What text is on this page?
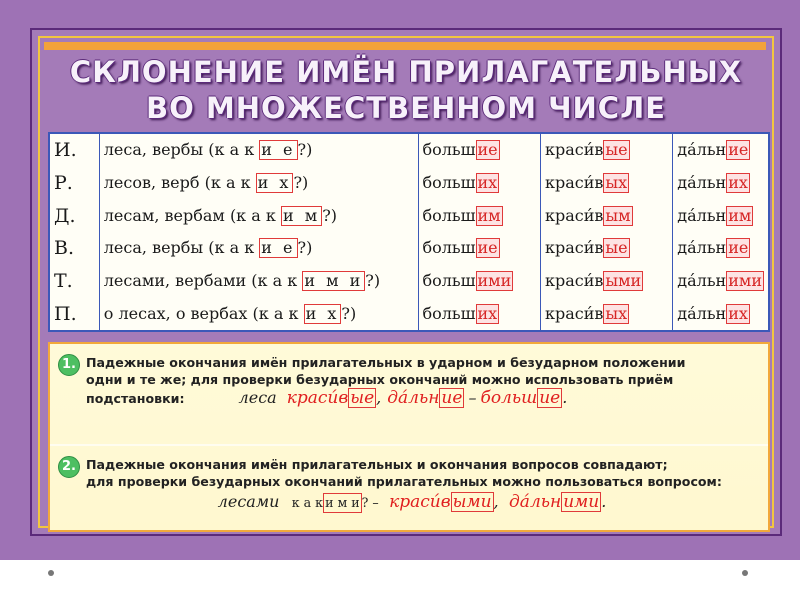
СКЛОНЕНИЕ ИМЁН ПРИЛАГАТЕЛЬНЫХ
ВО МНОЖЕСТВЕННОМ ЧИСЛЕ
И.	леса, вербы (к а к и е ?)	больш ие	краси́в ые	да́льн ие
Р.	лесов, верб (к а к и х ?)	больш их	краси́в ых	да́льн их
Д.	лесам, вербам (к а к и м ?)	больш им	краси́в ым	да́льн им
В.	леса, вербы (к а к и е ?)	больш ие	краси́в ые	да́льн ие
Т.	лесами, вербами (к а к и м и ?)	больш ими	краси́в ыми	да́льн ими
П.	о лесах, о вербах (к а к и х ?)	больш их	краси́в ых	да́льн их
1. Падежные окончания имён прилагательных в ударном и безударном положении
одни и те же; для проверки безударных окончаний можно использовать приём
подстановки:	леса краси́в ые , да́льн ие – больш ие .
2. Падежные окончания имён прилагательных и окончания вопросов совпадают;
для проверки безударных окончаний прилагательных можно пользоваться вопросом:
лесами к а к и м и ? – краси́в ыми , да́льн ими .
